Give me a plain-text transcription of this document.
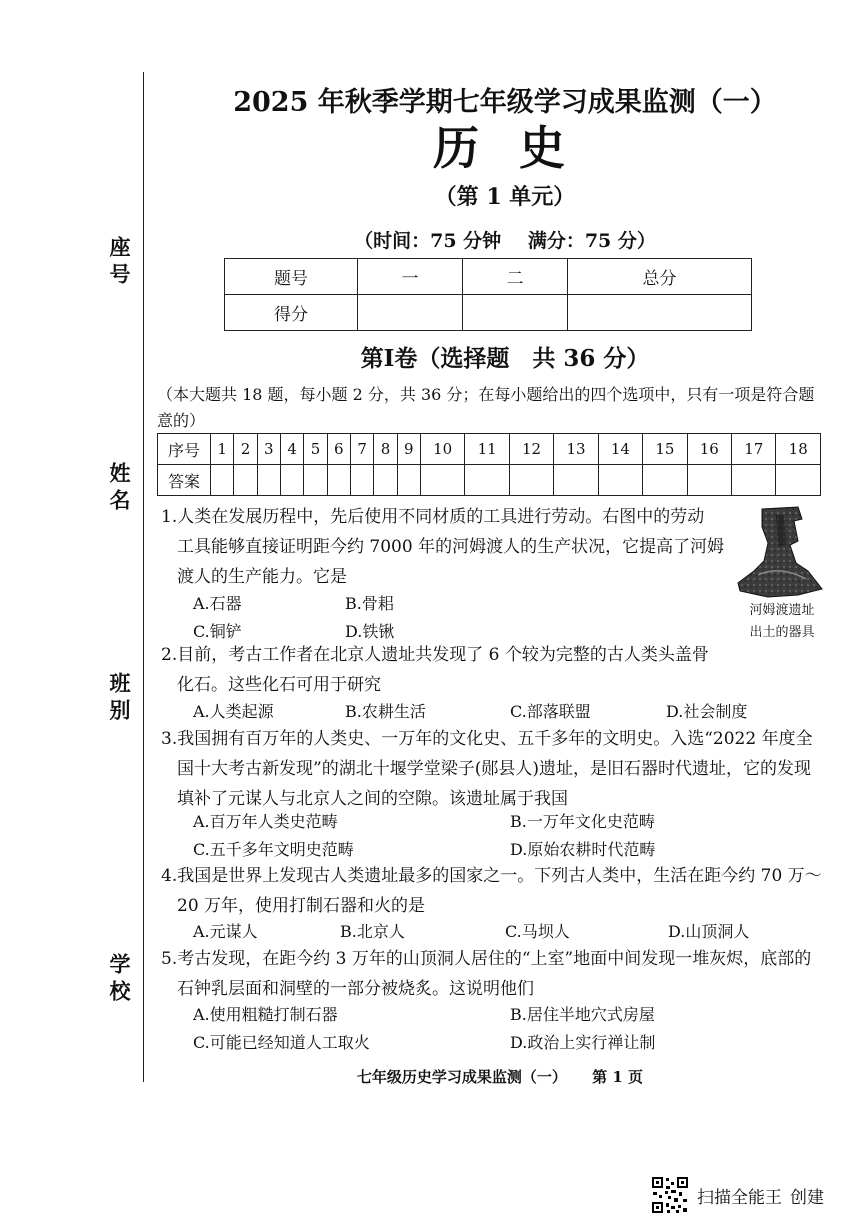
座号
姓名
班别
学校
2025 年秋季学期七年级学习成果监测（一）
历 史
（第 1 单元）
（时间：75 分钟 满分：75 分）
题号	一	二	总分
得分			
第Ⅰ卷（选择题　共 36 分）
（本大题共 18 题，每小题 2 分，共 36 分；在每小题给出的四个选项中，只有一项是符合题意的）
序号	1	2	3	4	5	6	7	8	9	10	11	12	13	14	15	16	17	18
答案																		
1.人类在发展历程中，先后使用不同材质的工具进行劳动。右图中的劳动
工具能够直接证明距今约 7000 年的河姆渡人的生产状况，它提高了河姆
渡人的生产能力。它是
A.石器	B.骨耜
C.铜铲	D.铁锹
河姆渡遗址
出土的器具
2.目前，考古工作者在北京人遗址共发现了 6 个较为完整的古人类头盖骨
化石。这些化石可用于研究
A.人类起源	B.农耕生活	C.部落联盟	D.社会制度
3.我国拥有百万年的人类史、一万年的文化史、五千多年的文明史。入选“2022 年度全
国十大考古新发现”的湖北十堰学堂梁子(郧县人)遗址，是旧石器时代遗址，它的发现
填补了元谋人与北京人之间的空隙。该遗址属于我国
A.百万年人类史范畴	B.一万年文化史范畴
C.五千多年文明史范畴	D.原始农耕时代范畴
4.我国是世界上发现古人类遗址最多的国家之一。下列古人类中，生活在距今约 70 万～
20 万年，使用打制石器和火的是
A.元谋人	B.北京人	C.马坝人	D.山顶洞人
5.考古发现，在距今约 3 万年的山顶洞人居住的“上室”地面中间发现一堆灰烬，底部的
石钟乳层面和洞壁的一部分被烧炙。这说明他们
A.使用粗糙打制石器	B.居住半地穴式房屋
C.可能已经知道人工取火	D.政治上实行禅让制
七年级历史学习成果监测（一） 第 1 页
扫描全能王 创建
